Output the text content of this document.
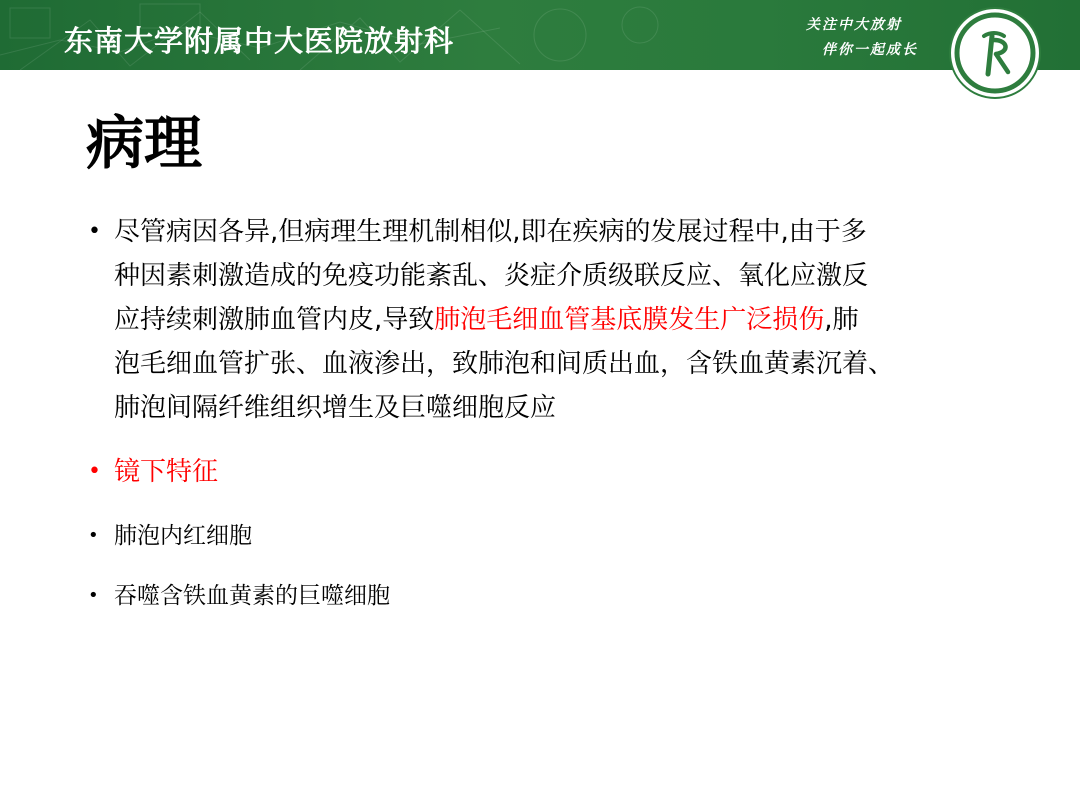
东南大学附属中大医院放射科	关注中大放射
伴你一起成长
病理
• 尽管病因各异,但病理生理机制相似,即在疾病的发展过程中,由于多
种因素刺激造成的免疫功能紊乱、炎症介质级联反应、氧化应激反
应持续刺激肺血管内皮,导致肺泡毛细血管基底膜发生广泛损伤,肺
泡毛细血管扩张、血液渗出，致肺泡和间质出血，含铁血黄素沉着、
肺泡间隔纤维组织增生及巨噬细胞反应
• 镜下特征
• 肺泡内红细胞
• 吞噬含铁血黄素的巨噬细胞
